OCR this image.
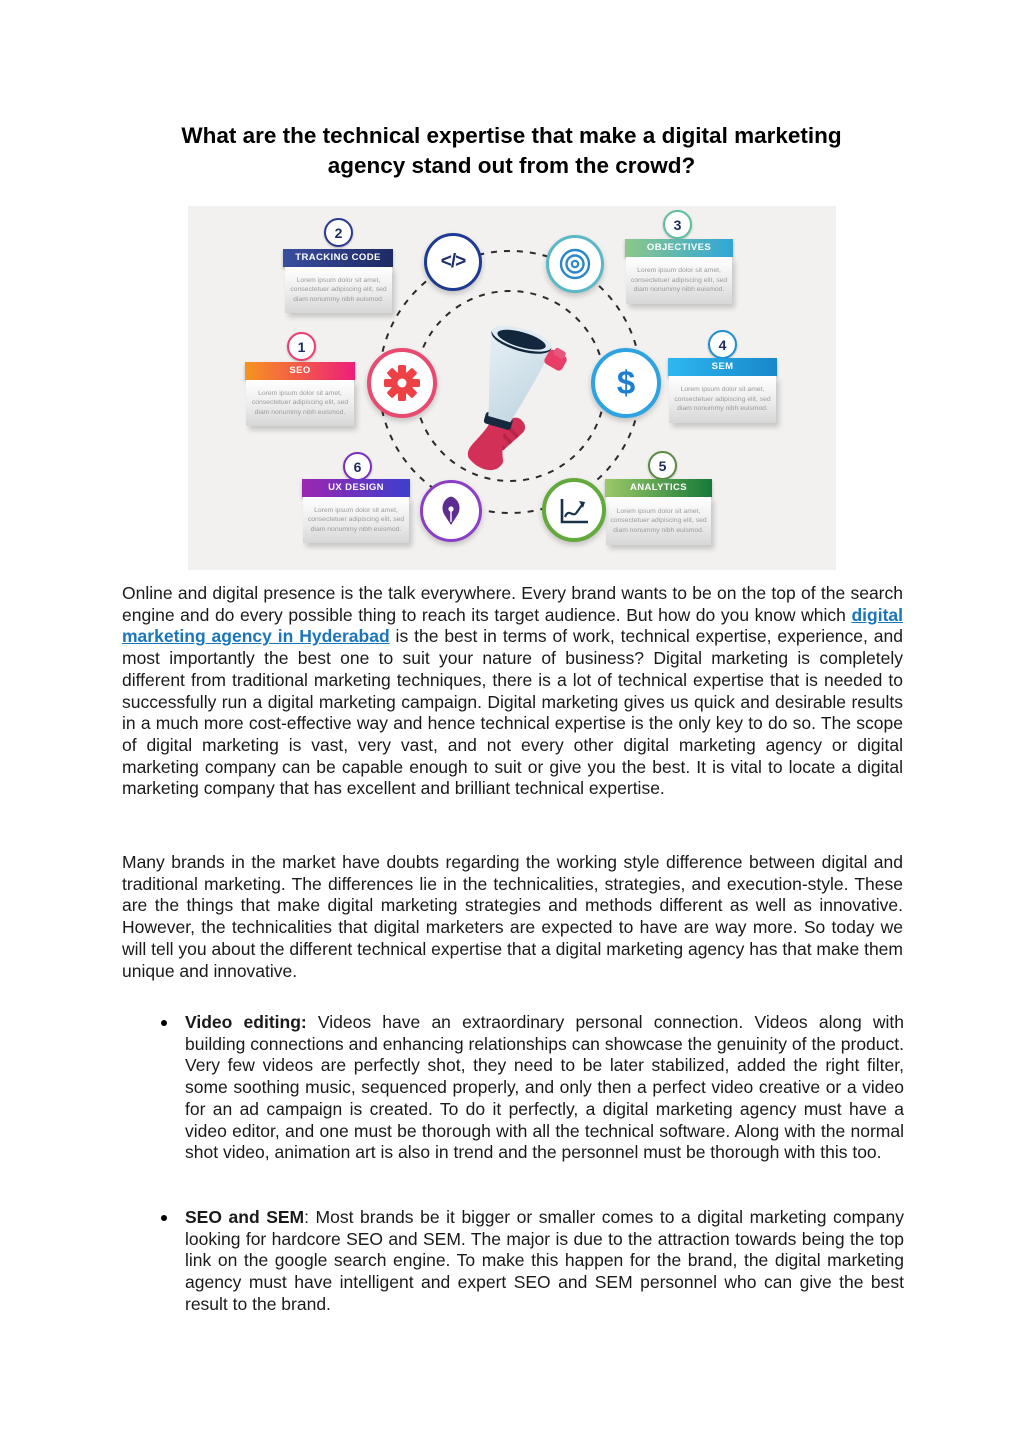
What are the technical expertise that make a digital marketing
agency stand out from the crowd?
1
SEO
Lorem ipsum dolor sit amet,
consectetuer adipiscing elit, sed
diam nonummy nibh euismod.
2
TRACKING CODE
Lorem ipsum dolor sit amet,
consectetuer adipiscing elit, sed
diam nonummy nibh euismod.
3
OBJECTIVES
Lorem ipsum dolor sit amet,
consectetuer adipiscing elit, sed
diam nonummy nibh euismod.
4
SEM
Lorem ipsum dolor sit amet,
consectetuer adipiscing elit, sed
diam nonummy nibh euismod.
5
ANALYTICS
Lorem ipsum dolor sit amet,
consectetuer adipiscing elit, sed
diam nonummy nibh euismod.
6
UX DESIGN
Lorem ipsum dolor sit amet,
consectetuer adipiscing elit, sed
diam nonummy nibh euismod.
</>
$

Online and digital presence is the talk everywhere. Every brand wants to be on the top of the search engine and do every possible thing to reach its target audience. But how do you know which digital marketing agency in Hyderabad is the best in terms of work, technical expertise, experience, and most importantly the best one to suit your nature of business? Digital marketing is completely different from traditional marketing techniques, there is a lot of technical expertise that is needed to successfully run a digital marketing campaign. Digital marketing gives us quick and desirable results in a much more cost-effective way and hence technical expertise is the only key to do so. The scope of digital marketing is vast, very vast, and not every other digital marketing agency or digital marketing company can be capable enough to suit or give you the best. It is vital to locate a digital marketing company that has excellent and brilliant technical expertise.

Many brands in the market have doubts regarding the working style difference between digital and traditional marketing. The differences lie in the technicalities, strategies, and execution-style. These are the things that make digital marketing strategies and methods different as well as innovative. However, the technicalities that digital marketers are expected to have are way more. So today we will tell you about the different technical expertise that a digital marketing agency has that make them unique and innovative.

Video editing: Videos have an extraordinary personal connection. Videos along with building connections and enhancing relationships can showcase the genuinity of the product. Very few videos are perfectly shot, they need to be later stabilized, added the right filter, some soothing music, sequenced properly, and only then a perfect video creative or a video for an ad campaign is created. To do it perfectly, a digital marketing agency must have a video editor, and one must be thorough with all the technical software. Along with the normal shot video, animation art is also in trend and the personnel must be thorough with this too.
SEO and SEM: Most brands be it bigger or smaller comes to a digital marketing company looking for hardcore SEO and SEM. The major is due to the attraction towards being the top link on the google search engine. To make this happen for the brand, the digital marketing agency must have intelligent and expert SEO and SEM personnel who can give the best result to the brand.
